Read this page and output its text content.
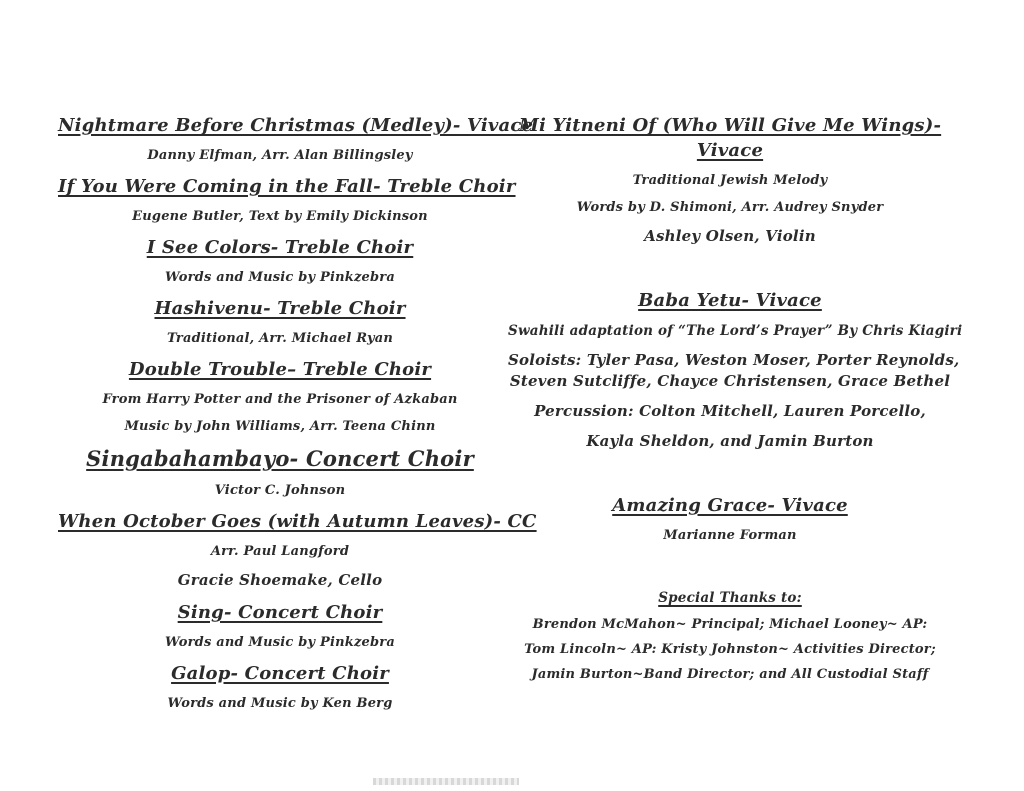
Nightmare Before Christmas (Medley)- Vivace
Danny Elfman, Arr. Alan Billingsley
If You Were Coming in the Fall- Treble Choir
Eugene Butler, Text by Emily Dickinson
I See Colors- Treble Choir
Words and Music by Pinkzebra
Hashivenu- Treble Choir
Traditional, Arr. Michael Ryan
Double Trouble– Treble Choir
From Harry Potter and the Prisoner of Azkaban
Music by John Williams, Arr. Teena Chinn
Singabahambayo- Concert Choir
Victor C. Johnson
When October Goes (with Autumn Leaves)- CC
Arr. Paul Langford
Gracie Shoemake, Cello
Sing- Concert Choir
Words and Music by Pinkzebra
Galop- Concert Choir
Words and Music by Ken Berg
Mi Yitneni Of (Who Will Give Me Wings)-
Vivace
Traditional Jewish Melody
Words by D. Shimoni, Arr. Audrey Snyder
Ashley Olsen, Violin
Baba Yetu- Vivace
Swahili adaptation of “The Lord’s Prayer” By Chris Kiagiri
Soloists: Tyler Pasa, Weston Moser, Porter Reynolds,
Steven Sutcliffe, Chayce Christensen, Grace Bethel
Percussion: Colton Mitchell, Lauren Porcello,
Kayla Sheldon, and Jamin Burton
Amazing Grace- Vivace
Marianne Forman
Special Thanks to:
Brendon McMahon~ Principal; Michael Looney~ AP:
Tom Lincoln~ AP: Kristy Johnston~ Activities Director;
Jamin Burton~Band Director; and All Custodial Staff
